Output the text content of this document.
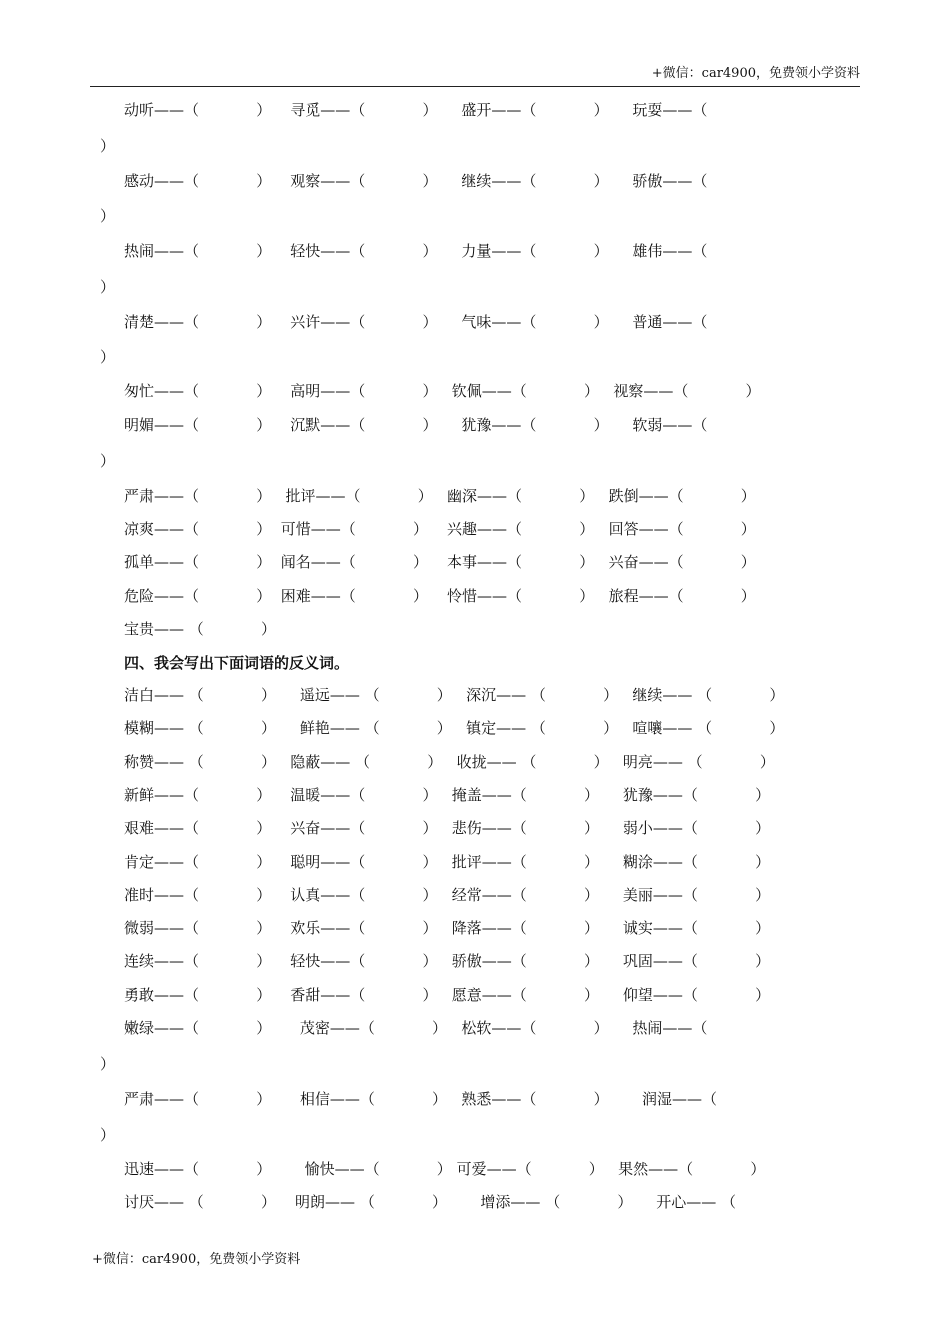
+微信：car4900，免费领小学资料
动听——（            ）    寻觅——（            ）     盛开——（            ）     玩耍——（
）
感动——（            ）    观察——（            ）     继续——（            ）     骄傲——（
）
热闹——（            ）    轻快——（            ）     力量——（            ）     雄伟——（
）
清楚——（            ）    兴许——（            ）     气味——（            ）     普通——（
）
匆忙——（            ）    高明——（            ）   钦佩——（            ）   视察——（            ）
明媚——（            ）    沉默——（            ）     犹豫——（            ）     软弱——（
）
严肃——（            ）   批评——（            ）   幽深——（            ）   跌倒——（            ）
凉爽——（            ）  可惜——（            ）    兴趣——（            ）   回答——（            ）
孤单——（            ）  闻名——（            ）    本事——（            ）   兴奋——（            ）
危险——（            ）  困难——（            ）    怜惜——（            ）   旅程——（            ）
宝贵—— （            ）
四、我会写出下面词语的反义词。
洁白—— （            ）     遥远—— （            ）   深沉—— （            ）   继续—— （            ）
模糊—— （            ）     鲜艳—— （            ）   镇定—— （            ）   喧嚷—— （            ）
称赞—— （            ）   隐蔽—— （            ）   收拢—— （            ）   明亮—— （            ）
新鲜——（            ）    温暖——（            ）   掩盖——（            ）     犹豫——（            ）
艰难——（            ）    兴奋——（            ）   悲伤——（            ）     弱小——（            ）
肯定——（            ）    聪明——（            ）   批评——（            ）     糊涂——（            ）
准时——（            ）    认真——（            ）   经常——（            ）     美丽——（            ）
微弱——（            ）    欢乐——（            ）   降落——（            ）     诚实——（            ）
连续——（            ）    轻快——（            ）   骄傲——（            ）     巩固——（            ）
勇敢——（            ）    香甜——（            ）   愿意——（            ）     仰望——（            ）
嫩绿——（            ）      茂密——（            ）   松软——（            ）     热闹——（
）
严肃——（            ）      相信——（            ）   熟悉——（            ）       润湿——（
）
迅速——（            ）       愉快——（            ） 可爱——（            ）   果然——（            ）
讨厌—— （            ）    明朗—— （            ）       增添—— （            ）     开心—— （
+微信：car4900，免费领小学资料
